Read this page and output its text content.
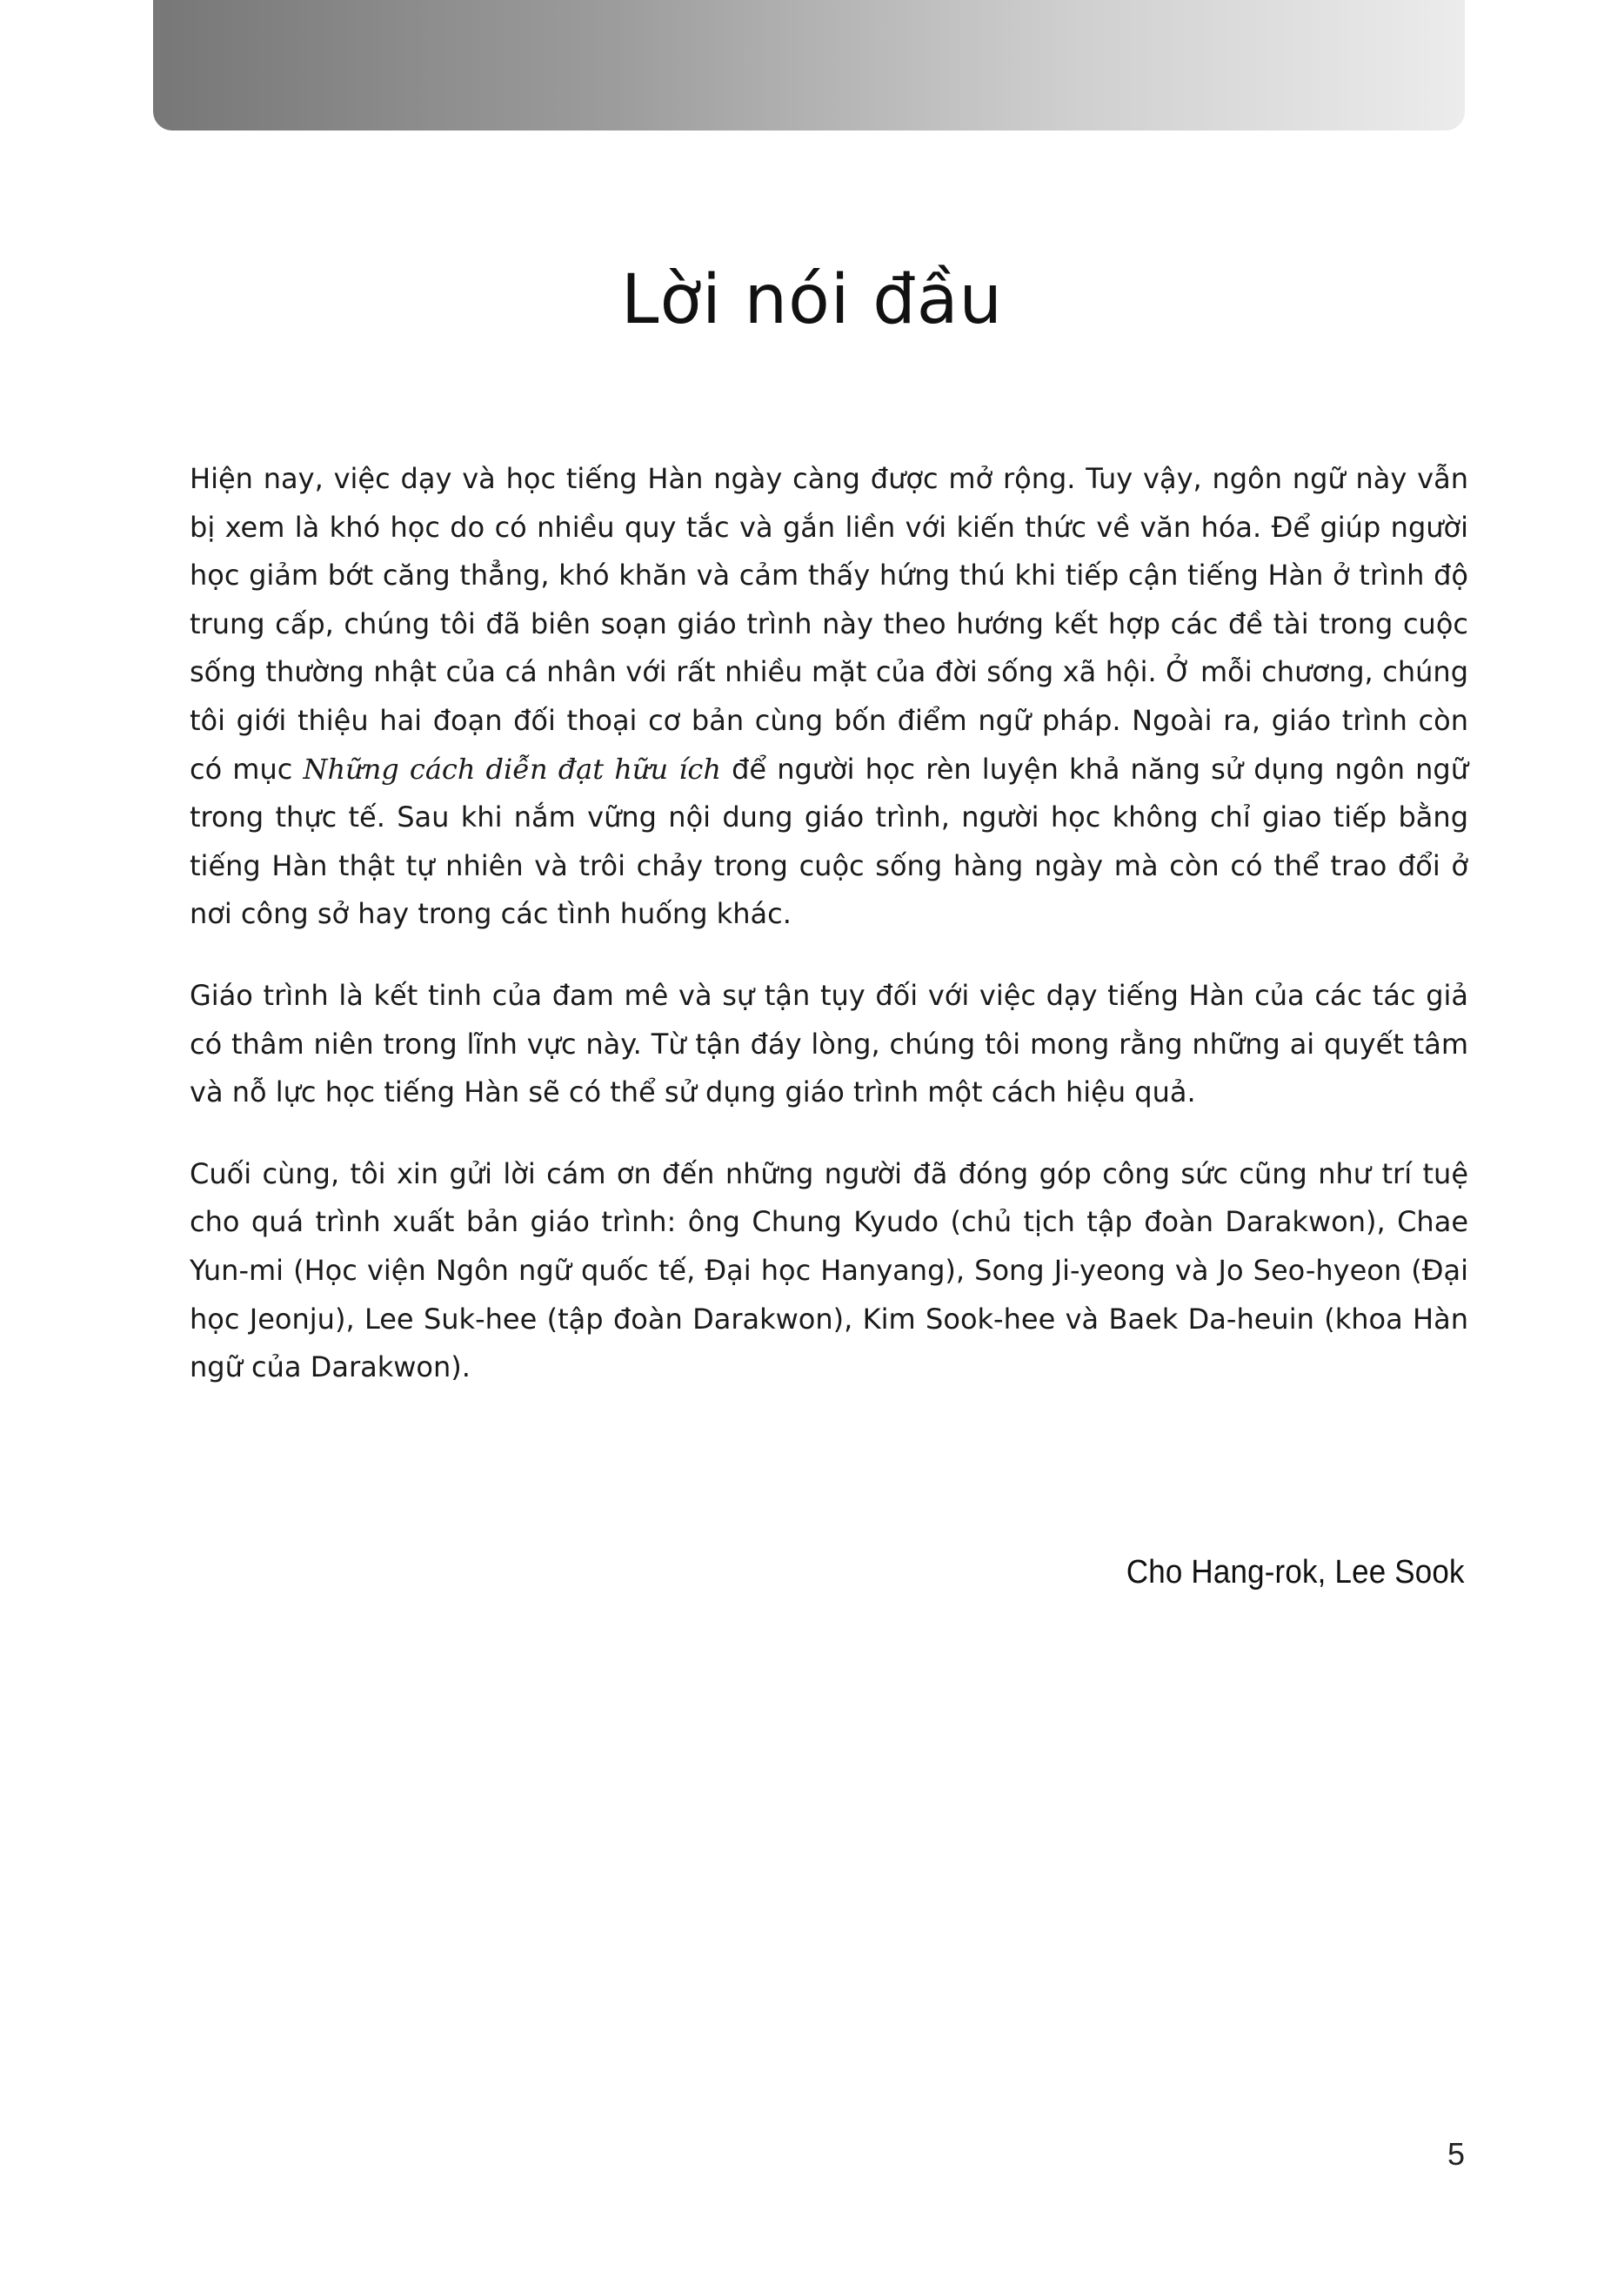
Lời nói đầu

Hiện nay, việc dạy và học tiếng Hàn ngày càng được mở rộng. Tuy vậy, ngôn ngữ này vẫn bị xem là khó học do có nhiều quy tắc và gắn liền với kiến thức về văn hóa. Để giúp người học giảm bớt căng thẳng, khó khăn và cảm thấy hứng thú khi tiếp cận tiếng Hàn ở trình độ trung cấp, chúng tôi đã biên soạn giáo trình này theo hướng kết hợp các đề tài trong cuộc sống thường nhật của cá nhân với rất nhiều mặt của đời sống xã hội. Ở mỗi chương, chúng tôi giới thiệu hai đoạn đối thoại cơ bản cùng bốn điểm ngữ pháp. Ngoài ra, giáo trình còn có mục Những cách diễn đạt hữu ích để người học rèn luyện khả năng sử dụng ngôn ngữ trong thực tế. Sau khi nắm vững nội dung giáo trình, người học không chỉ giao tiếp bằng tiếng Hàn thật tự nhiên và trôi chảy trong cuộc sống hàng ngày mà còn có thể trao đổi ở nơi công sở hay trong các tình huống khác.

Giáo trình là kết tinh của đam mê và sự tận tụy đối với việc dạy tiếng Hàn của các tác giả có thâm niên trong lĩnh vực này. Từ tận đáy lòng, chúng tôi mong rằng những ai quyết tâm và nỗ lực học tiếng Hàn sẽ có thể sử dụng giáo trình một cách hiệu quả.

Cuối cùng, tôi xin gửi lời cám ơn đến những người đã đóng góp công sức cũng như trí tuệ cho quá trình xuất bản giáo trình: ông Chung Kyudo (chủ tịch tập đoàn Darakwon), Chae Yun-mi (Học viện Ngôn ngữ quốc tế, Đại học Hanyang), Song Ji-yeong và Jo Seo-hyeon (Đại học Jeonju), Lee Suk-hee (tập đoàn Darakwon), Kim Sook-hee và Baek Da-heuin (khoa Hàn ngữ của Darakwon).

Cho Hang-rok, Lee Sook
5
